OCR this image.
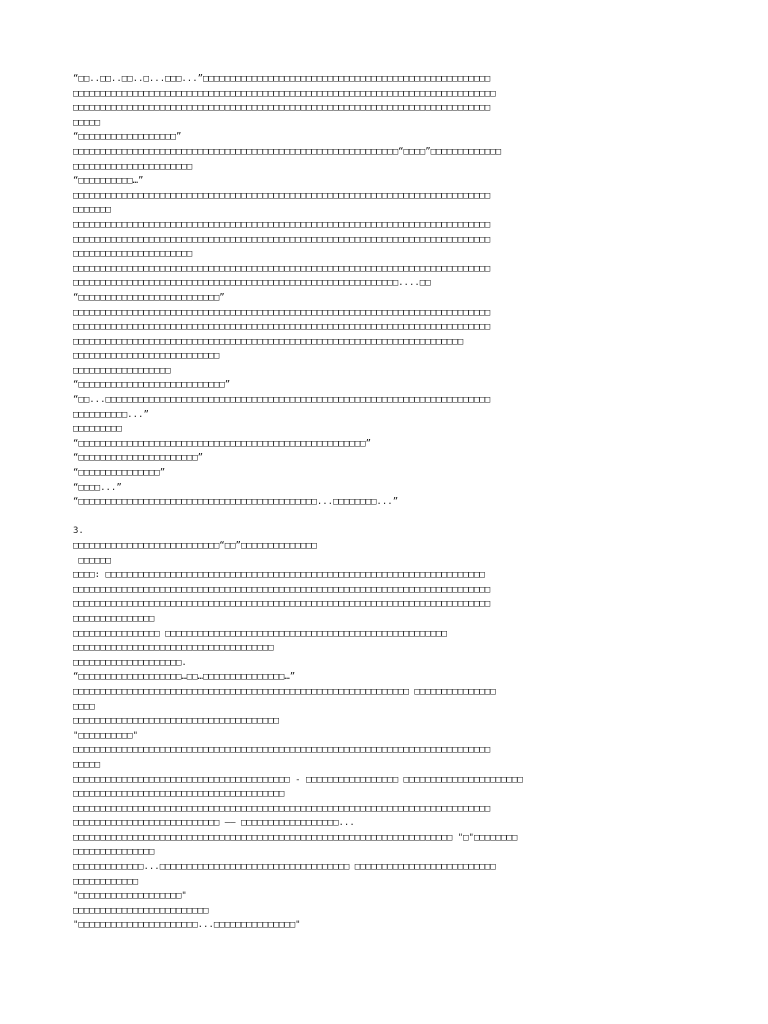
“□□..□□..□□..□...□□□...”□□□□□□□□□□□□□□□□□□□□□□□□□□□□□□□□□□□□□□□□□□□□□□□□□□□□□
□□□□□□□□□□□□□□□□□□□□□□□□□□□□□□□□□□□□□□□□□□□□□□□□□□□□□□□□□□□□□□□□□□□□□□□□□□□□□□
□□□□□□□□□□□□□□□□□□□□□□□□□□□□□□□□□□□□□□□□□□□□□□□□□□□□□□□□□□□□□□□□□□□□□□□□□□□□□
□□□□□
“□□□□□□□□□□□□□□□□□□”
□□□□□□□□□□□□□□□□□□□□□□□□□□□□□□□□□□□□□□□□□□□□□□□□□□□□□□□□□□□□“□□□□”□□□□□□□□□□□□□
□□□□□□□□□□□□□□□□□□□□□□
“□□□□□□□□□□…”
□□□□□□□□□□□□□□□□□□□□□□□□□□□□□□□□□□□□□□□□□□□□□□□□□□□□□□□□□□□□□□□□□□□□□□□□□□□□□
□□□□□□□
□□□□□□□□□□□□□□□□□□□□□□□□□□□□□□□□□□□□□□□□□□□□□□□□□□□□□□□□□□□□□□□□□□□□□□□□□□□□□
□□□□□□□□□□□□□□□□□□□□□□□□□□□□□□□□□□□□□□□□□□□□□□□□□□□□□□□□□□□□□□□□□□□□□□□□□□□□□
□□□□□□□□□□□□□□□□□□□□□□
□□□□□□□□□□□□□□□□□□□□□□□□□□□□□□□□□□□□□□□□□□□□□□□□□□□□□□□□□□□□□□□□□□□□□□□□□□□□□
□□□□□□□□□□□□□□□□□□□□□□□□□□□□□□□□□□□□□□□□□□□□□□□□□□□□□□□□□□□□....□□
“□□□□□□□□□□□□□□□□□□□□□□□□□□”
□□□□□□□□□□□□□□□□□□□□□□□□□□□□□□□□□□□□□□□□□□□□□□□□□□□□□□□□□□□□□□□□□□□□□□□□□□□□□
□□□□□□□□□□□□□□□□□□□□□□□□□□□□□□□□□□□□□□□□□□□□□□□□□□□□□□□□□□□□□□□□□□□□□□□□□□□□□
□□□□□□□□□□□□□□□□□□□□□□□□□□□□□□□□□□□□□□□□□□□□□□□□□□□□□□□□□□□□□□□□□□□□□□□□
□□□□□□□□□□□□□□□□□□□□□□□□□□□
□□□□□□□□□□□□□□□□□□
“□□□□□□□□□□□□□□□□□□□□□□□□□□□”
“□□...□□□□□□□□□□□□□□□□□□□□□□□□□□□□□□□□□□□□□□□□□□□□□□□□□□□□□□□□□□□□□□□□□□□□□□□
□□□□□□□□□□...”
□□□□□□□□□
“□□□□□□□□□□□□□□□□□□□□□□□□□□□□□□□□□□□□□□□□□□□□□□□□□□□□□”
“□□□□□□□□□□□□□□□□□□□□□□”
“□□□□□□□□□□□□□□□”
“□□□□...”
“□□□□□□□□□□□□□□□□□□□□□□□□□□□□□□□□□□□□□□□□□□□□...□□□□□□□□...”
3.
□□□□□□□□□□□□□□□□□□□□□□□□□□□“□□”□□□□□□□□□□□□□□
□□□□□□
□□□□: □□□□□□□□□□□□□□□□□□□□□□□□□□□□□□□□□□□□□□□□□□□□□□□□□□□□□□□□□□□□□□□□□□□□□□
□□□□□□□□□□□□□□□□□□□□□□□□□□□□□□□□□□□□□□□□□□□□□□□□□□□□□□□□□□□□□□□□□□□□□□□□□□□□□
□□□□□□□□□□□□□□□□□□□□□□□□□□□□□□□□□□□□□□□□□□□□□□□□□□□□□□□□□□□□□□□□□□□□□□□□□□□□□
□□□□□□□□□□□□□□□
□□□□□□□□□□□□□□□□ □□□□□□□□□□□□□□□□□□□□□□□□□□□□□□□□□□□□□□□□□□□□□□□□□□□□
□□□□□□□□□□□□□□□□□□□□□□□□□□□□□□□□□□□□□
□□□□□□□□□□□□□□□□□□□□.
“□□□□□□□□□□□□□□□□□□□…□□…□□□□□□□□□□□□□□□…”
□□□□□□□□□□□□□□□□□□□□□□□□□□□□□□□□□□□□□□□□□□□□□□□□□□□□□□□□□□□□□□ □□□□□□□□□□□□□□□
□□□□
□□□□□□□□□□□□□□□□□□□□□□□□□□□□□□□□□□□□□□
"□□□□□□□□□□"
□□□□□□□□□□□□□□□□□□□□□□□□□□□□□□□□□□□□□□□□□□□□□□□□□□□□□□□□□□□□□□□□□□□□□□□□□□□□□
□□□□□
□□□□□□□□□□□□□□□□□□□□□□□□□□□□□□□□□□□□□□□□ - □□□□□□□□□□□□□□□□□ □□□□□□□□□□□□□□□□□□□□□□
□□□□□□□□□□□□□□□□□□□□□□□□□□□□□□□□□□□□□□□
□□□□□□□□□□□□□□□□□□□□□□□□□□□□□□□□□□□□□□□□□□□□□□□□□□□□□□□□□□□□□□□□□□□□□□□□□□□□□
□□□□□□□□□□□□□□□□□□□□□□□□□□□ —— □□□□□□□□□□□□□□□□□□...
□□□□□□□□□□□□□□□□□□□□□□□□□□□□□□□□□□□□□□□□□□□□□□□□□□□□□□□□□□□□□□□□□□□□□□ "□"□□□□□□□□
□□□□□□□□□□□□□□□
□□□□□□□□□□□□□...□□□□□□□□□□□□□□□□□□□□□□□□□□□□□□□□□□□ □□□□□□□□□□□□□□□□□□□□□□□□□□
□□□□□□□□□□□□
"□□□□□□□□□□□□□□□□□□□"
□□□□□□□□□□□□□□□□□□□□□□□□□
"□□□□□□□□□□□□□□□□□□□□□□...□□□□□□□□□□□□□□□"
